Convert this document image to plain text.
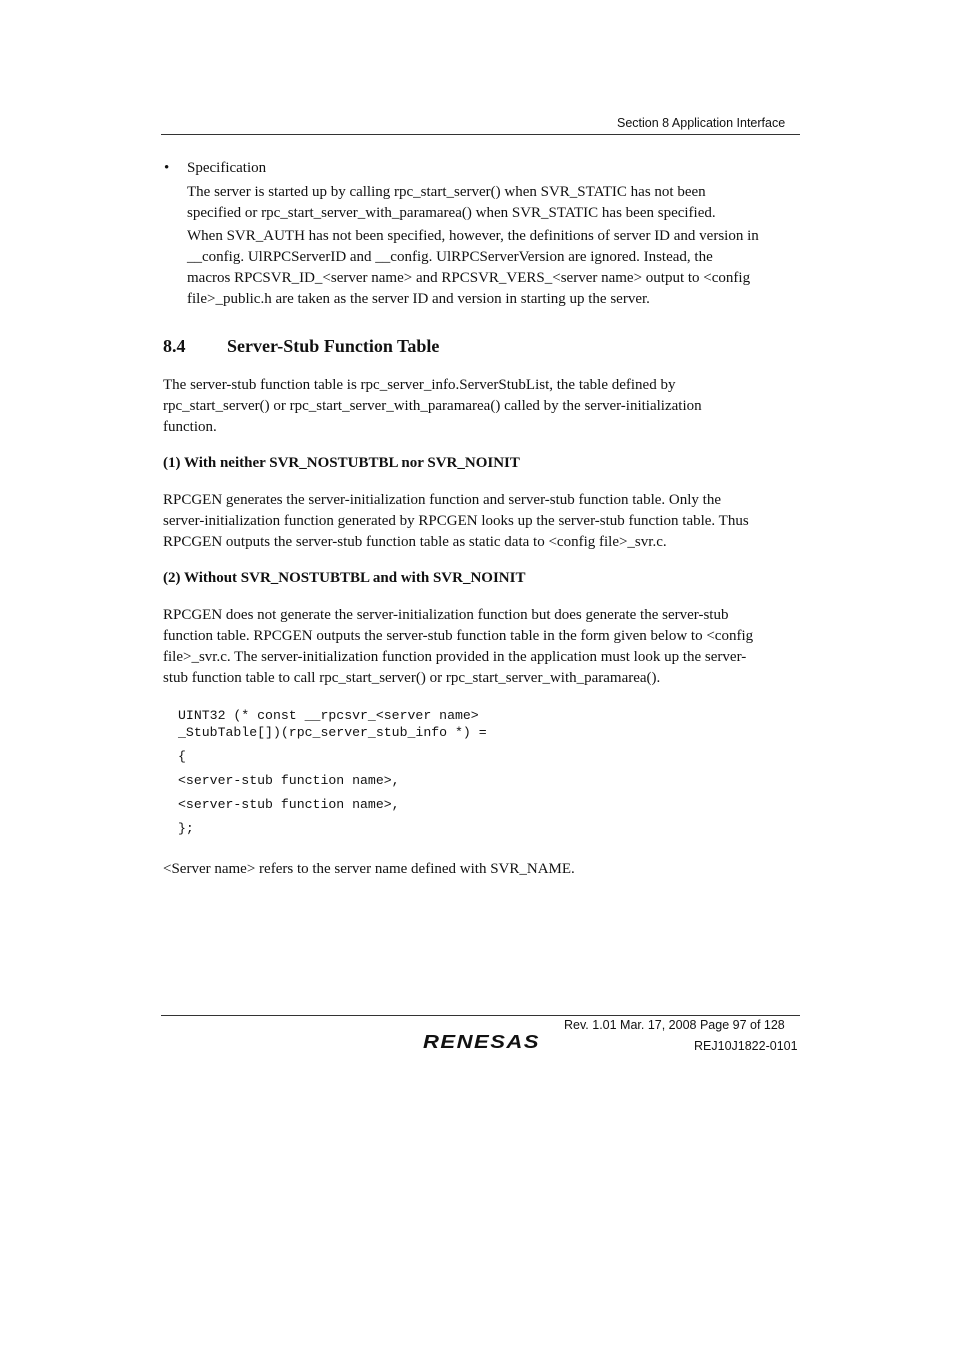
Section 8 Application Interface
• Specification
The server is started up by calling rpc_start_server() when SVR_STATIC has not been
specified or rpc_start_server_with_paramarea() when SVR_STATIC has been specified.
When SVR_AUTH has not been specified, however, the definitions of server ID and version in
__config. UlRPCServerID and __config. UlRPCServerVersion are ignored. Instead, the
macros RPCSVR_ID_<server name> and RPCSVR_VERS_<server name> output to <config
file>_public.h are taken as the server ID and version in starting up the server.
8.4 Server-Stub Function Table
The server-stub function table is rpc_server_info.ServerStubList, the table defined by
rpc_start_server() or rpc_start_server_with_paramarea() called by the server-initialization
function.
(1) With neither SVR_NOSTUBTBL nor SVR_NOINIT
RPCGEN generates the server-initialization function and server-stub function table. Only the
server-initialization function generated by RPCGEN looks up the server-stub function table. Thus
RPCGEN outputs the server-stub function table as static data to <config file>_svr.c.
(2) Without SVR_NOSTUBTBL and with SVR_NOINIT
RPCGEN does not generate the server-initialization function but does generate the server-stub
function table. RPCGEN outputs the server-stub function table in the form given below to <config
file>_svr.c. The server-initialization function provided in the application must look up the server-
stub function table to call rpc_start_server() or rpc_start_server_with_paramarea().
UINT32 (* const __rpcsvr_<server name>
_StubTable[])(rpc_server_stub_info *) =
{
<server-stub function name>,
<server-stub function name>,
};
<Server name> refers to the server name defined with SVR_NAME.
Rev. 1.01 Mar. 17, 2008 Page 97 of 128
REJ10J1822-0101
RENESAS
